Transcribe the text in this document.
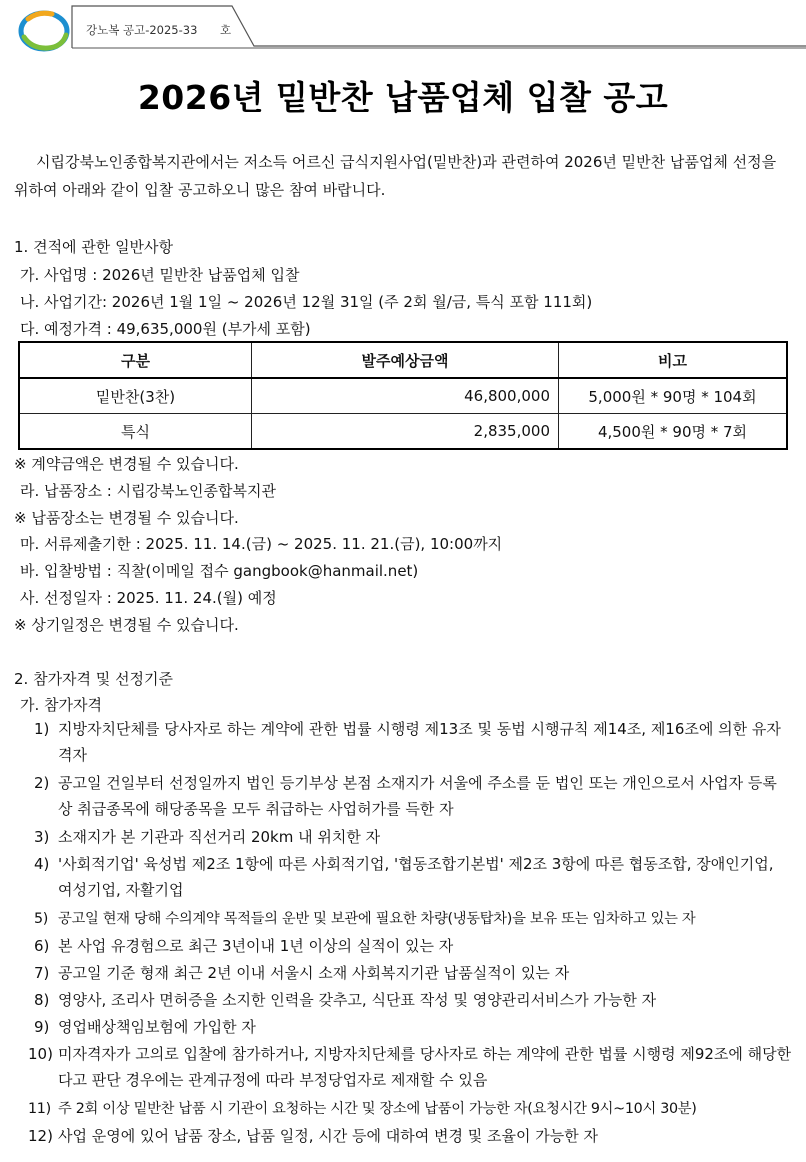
강노복 공고-2025-33 호
2026년 밑반찬 납품업체 입찰 공고
시립강북노인종합복지관에서는 저소득 어르신 급식지원사업(밑반찬)과 관련하여 2026년 밑반찬 납품업체 선정을 위하여 아래와 같이 입찰 공고하오니 많은 참여 바랍니다.
1. 견적에 관한 일반사항
가. 사업명 : 2026년 밑반찬 납품업체 입찰
나. 사업기간: 2026년 1월 1일 ~ 2026년 12월 31일 (주 2회 월/금, 특식 포함 111회)
다. 예정가격 : 49,635,000원 (부가세 포함)
구분	발주예상금액	비고
밑반찬(3찬)	46,800,000	5,000원 * 90명 * 104회
특식	2,835,000	4,500원 * 90명 * 7회
※ 계약금액은 변경될 수 있습니다.
라. 납품장소 : 시립강북노인종합복지관
※ 납품장소는 변경될 수 있습니다.
마. 서류제출기한 : 2025. 11. 14.(금) ~ 2025. 11. 21.(금), 10:00까지
바. 입찰방법 : 직찰(이메일 접수 gangbook@hanmail.net)
사. 선정일자 : 2025. 11. 24.(월) 예정
※ 상기일정은 변경될 수 있습니다.
2. 참가자격 및 선정기준
가. 참가자격
1) 지방자치단체를 당사자로 하는 계약에 관한 법률 시행령 제13조 및 동법 시행규칙 제14조, 제16조에 의한 유자격자
2) 공고일 건일부터 선정일까지 법인 등기부상 본점 소재지가 서울에 주소를 둔 법인 또는 개인으로서 사업자 등록 상 취급종목에 해당종목을 모두 취급하는 사업허가를 득한 자
3) 소재지가 본 기관과 직선거리 20km 내 위치한 자
4) '사회적기업' 육성법 제2조 1항에 따른 사회적기업, '협동조합기본법' 제2조 3항에 따른 협동조합, 장애인기업, 여성기업, 자활기업
5) 공고일 현재 당해 수의계약 목적들의 운반 및 보관에 필요한 차량(냉동탑차)을 보유 또는 임차하고 있는 자
6) 본 사업 유경험으로 최근 3년이내 1년 이상의 실적이 있는 자
7) 공고일 기준 형재 최근 2년 이내 서울시 소재 사회복지기관 납품실적이 있는 자
8) 영양사, 조리사 면허증을 소지한 인력을 갖추고, 식단표 작성 및 영양관리서비스가 가능한 자
9) 영업배상책임보험에 가입한 자
10) 미자격자가 고의로 입찰에 참가하거나, 지방자치단체를 당사자로 하는 계약에 관한 법률 시행령 제92조에 해당한다고 판단 경우에는 관계규정에 따라 부정당업자로 제재할 수 있음
11) 주 2회 이상 밑반찬 납품 시 기관이 요청하는 시간 및 장소에 납품이 가능한 자(요청시간 9시~10시 30분)
12) 사업 운영에 있어 납품 장소, 납품 일정, 시간 등에 대하여 변경 및 조율이 가능한 자
